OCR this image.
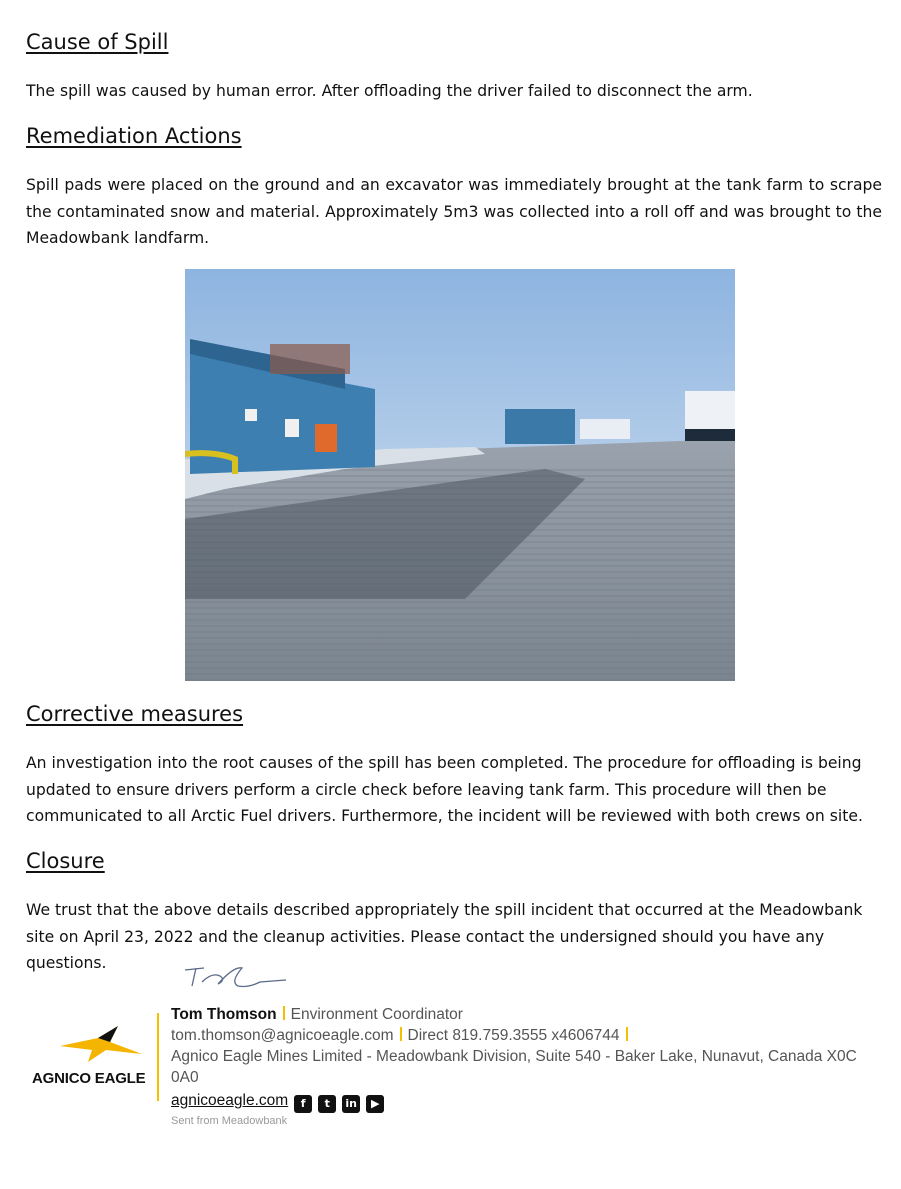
Cause of Spill

The spill was caused by human error. After offloading the driver failed to disconnect the arm.

Remediation Actions

Spill pads were placed on the ground and an excavator was immediately brought at the tank farm to scrape the contaminated snow and material. Approximately 5m3 was collected into a roll off and was brought to the Meadowbank landfarm.

Corrective measures

An investigation into the root causes of the spill has been completed. The procedure for offloading is being updated to ensure drivers perform a circle check before leaving tank farm. This procedure will then be communicated to all Arctic Fuel drivers. Furthermore, the incident will be reviewed with both crews on site.

Closure

We trust that the above details described appropriately the spill incident that occurred at the Meadowbank site on April 23, 2022 and the cleanup activities. Please contact the undersigned should you have any questions.

AGNICO EAGLE
Tom Thomson Environment Coordinator
tom.thomson@agnicoeagle.com Direct 819.759.3555 x4606744
Agnico Eagle Mines Limited - Meadowbank Division, Suite 540 - Baker Lake, Nunavut, Canada X0C
0A0
agnicoeagle.com f t in ▶
Sent from Meadowbank
